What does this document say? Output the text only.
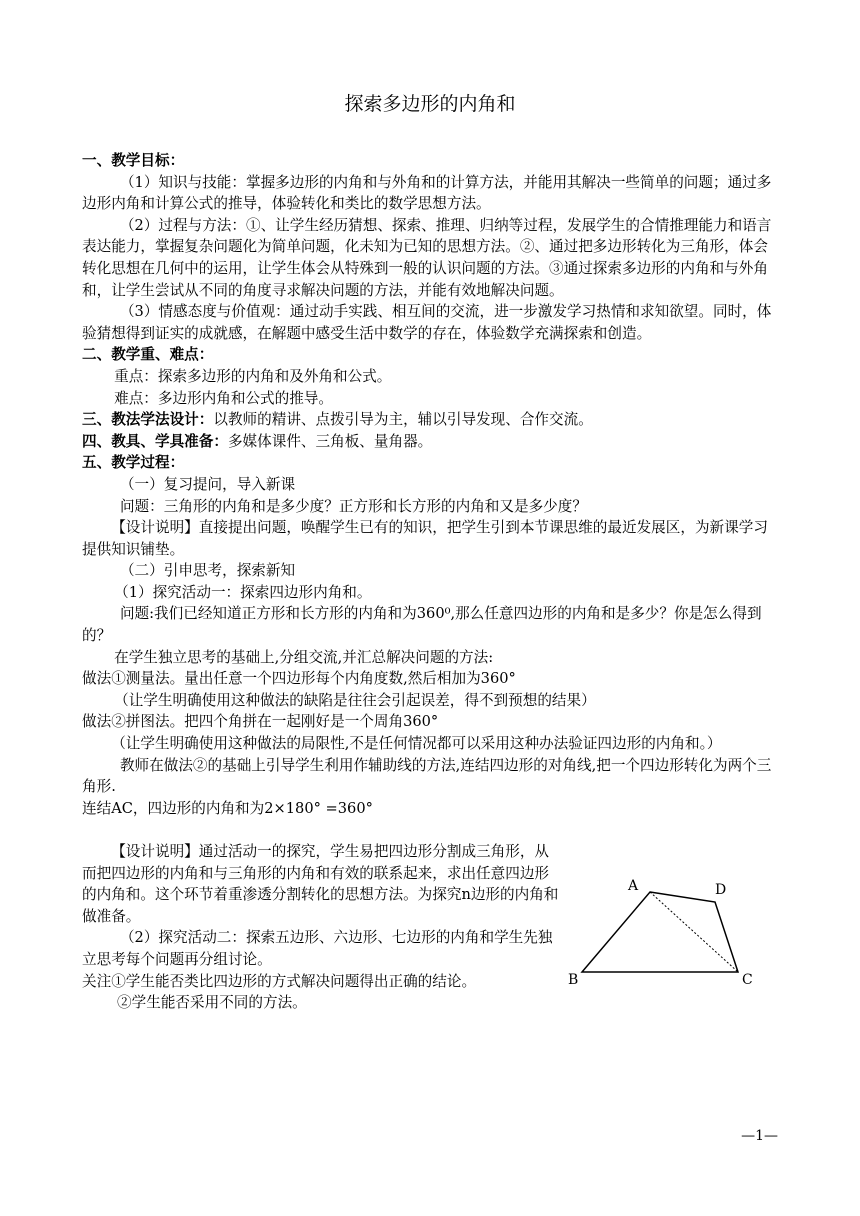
探索多边形的内角和

一、教学目标：

（1）知识与技能：掌握多边形的内角和与外角和的计算方法，并能用其解决一些简单的问题；通过多边形内角和计算公式的推导，体验转化和类比的数学思想方法。

（2）过程与方法：①、让学生经历猜想、探索、推理、归纳等过程，发展学生的合情推理能力和语言表达能力，掌握复杂问题化为简单问题，化未知为已知的思想方法。②、通过把多边形转化为三角形，体会转化思想在几何中的运用，让学生体会从特殊到一般的认识问题的方法。③通过探索多边形的内角和与外角和，让学生尝试从不同的角度寻求解决问题的方法，并能有效地解决问题。

（3）情感态度与价值观：通过动手实践、相互间的交流，进一步激发学习热情和求知欲望。同时，体验猜想得到证实的成就感，在解题中感受生活中数学的存在，体验数学充满探索和创造。

二、教学重、难点：

重点：探索多边形的内角和及外角和公式。

难点：多边形内角和公式的推导。

三、教法学法设计：以教师的精讲、点拨引导为主，辅以引导发现、合作交流。

四、教具、学具准备：多媒体课件、三角板、量角器。

五、教学过程：

（一）复习提问，导入新课

问题：三角形的内角和是多少度？正方形和长方形的内角和又是多少度？

【设计说明】直接提出问题，唤醒学生已有的知识，把学生引到本节课思维的最近发展区，为新课学习提供知识铺垫。

（二）引申思考，探索新知

（1）探究活动一：探索四边形内角和。

问题:我们已经知道正方形和长方形的内角和为360⁰,那么任意四边形的内角和是多少？你是怎么得到的？

在学生独立思考的基础上,分组交流,并汇总解决问题的方法:

做法①测量法。量出任意一个四边形每个内角度数,然后相加为360°

（让学生明确使用这种做法的缺陷是往往会引起误差，得不到预想的结果）

做法②拼图法。把四个角拼在一起刚好是一个周角360°

（让学生明确使用这种做法的局限性,不是任何情况都可以采用这种办法验证四边形的内角和。）

教师在做法②的基础上引导学生利用作辅助线的方法,连结四边形的对角线,把一个四边形转化为两个三角形.

连结AC，四边形的内角和为2×180° =360°

【设计说明】通过活动一的探究，学生易把四边形分割成三角形，从而把四边形的内角和与三角形的内角和有效的联系起来，求出任意四边形的内角和。这个环节着重渗透分割转化的思想方法。为探究n边形的内角和做准备。

（2）探究活动二：探索五边形、六边形、七边形的内角和学生先独立思考每个问题再分组讨论。

关注①学生能否类比四边形的方式解决问题得出正确的结论。

②学生能否采用不同的方法。

A	D
B	C
—1—
